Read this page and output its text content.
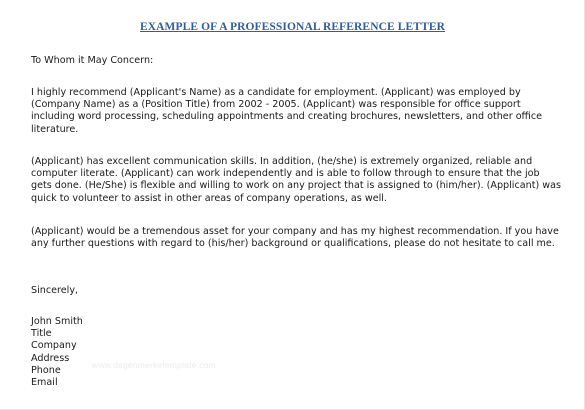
EXAMPLE OF A PROFESSIONAL REFERENCE LETTER

To Whom it May Concern:

I highly recommend (Applicant's Name) as a candidate for employment. (Applicant) was employed by (Company Name) as a (Position Title) from 2002 - 2005. (Applicant) was responsible for office support including word processing, scheduling appointments and creating brochures, newsletters, and other office literature.

(Applicant) has excellent communication skills. In addition, (he/she) is extremely organized, reliable and computer literate. (Applicant) can work independently and is able to follow through to ensure that the job gets done. (He/She) is flexible and willing to work on any project that is assigned to (him/her). (Applicant) was quick to volunteer to assist in other areas of company operations, as well.

(Applicant) would be a tremendous asset for your company and has my highest recommendation. If you have any further questions with regard to (his/her) background or qualifications, please do not hesitate to call me.

Sincerely,

John Smith
Title
Company
Address
Phone
Email
www.dagenmerketemplate.com
